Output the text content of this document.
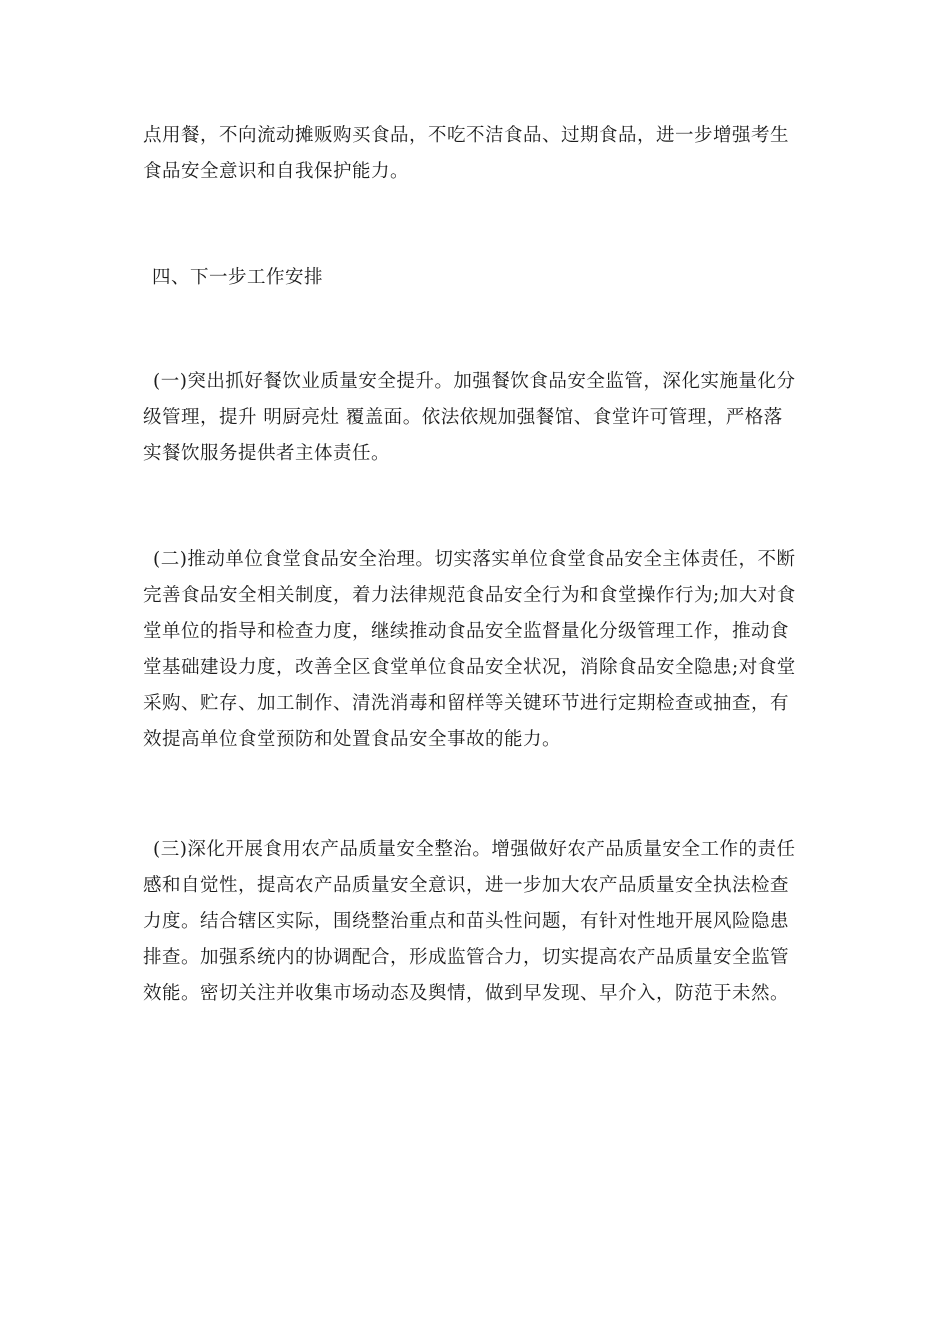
点用餐，不向流动摊贩购买食品，不吃不洁食品、过期食品，进一步增强考生
食品安全意识和自我保护能力。
四、下一步工作安排
(一)突出抓好餐饮业质量安全提升。加强餐饮食品安全监管，深化实施量化分
级管理，提升 明厨亮灶 覆盖面。依法依规加强餐馆、食堂许可管理，严格落
实餐饮服务提供者主体责任。
(二)推动单位食堂食品安全治理。切实落实单位食堂食品安全主体责任，不断
完善食品安全相关制度，着力法律规范食品安全行为和食堂操作行为;加大对食
堂单位的指导和检查力度，继续推动食品安全监督量化分级管理工作，推动食
堂基础建设力度，改善全区食堂单位食品安全状况，消除食品安全隐患;对食堂
采购、贮存、加工制作、清洗消毒和留样等关键环节进行定期检查或抽查，有
效提高单位食堂预防和处置食品安全事故的能力。
(三)深化开展食用农产品质量安全整治。增强做好农产品质量安全工作的责任
感和自觉性，提高农产品质量安全意识，进一步加大农产品质量安全执法检查
力度。结合辖区实际，围绕整治重点和苗头性问题，有针对性地开展风险隐患
排查。加强系统内的协调配合，形成监管合力，切实提高农产品质量安全监管
效能。密切关注并收集市场动态及舆情，做到早发现、早介入，防范于未然。
